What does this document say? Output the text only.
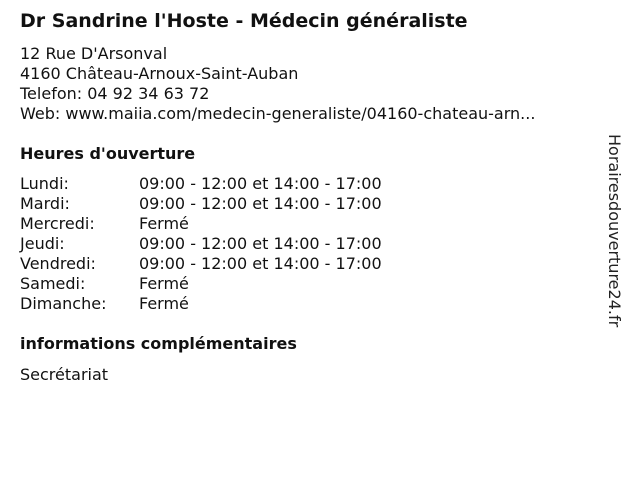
Dr Sandrine l'Hoste - Médecin généraliste
12 Rue D'Arsonval
4160 Château-Arnoux-Saint-Auban
Telefon: 04 92 34 63 72
Web: www.maiia.com/medecin-generaliste/04160-chateau-arn...
Heures d'ouverture
Lundi:	09:00 - 12:00 et 14:00 - 17:00
Mardi:	09:00 - 12:00 et 14:00 - 17:00
Mercredi:	Fermé
Jeudi:	09:00 - 12:00 et 14:00 - 17:00
Vendredi:	09:00 - 12:00 et 14:00 - 17:00
Samedi:	Fermé
Dimanche: Fermé
informations complémentaires
Secrétariat
Horairesdouverture24.fr
